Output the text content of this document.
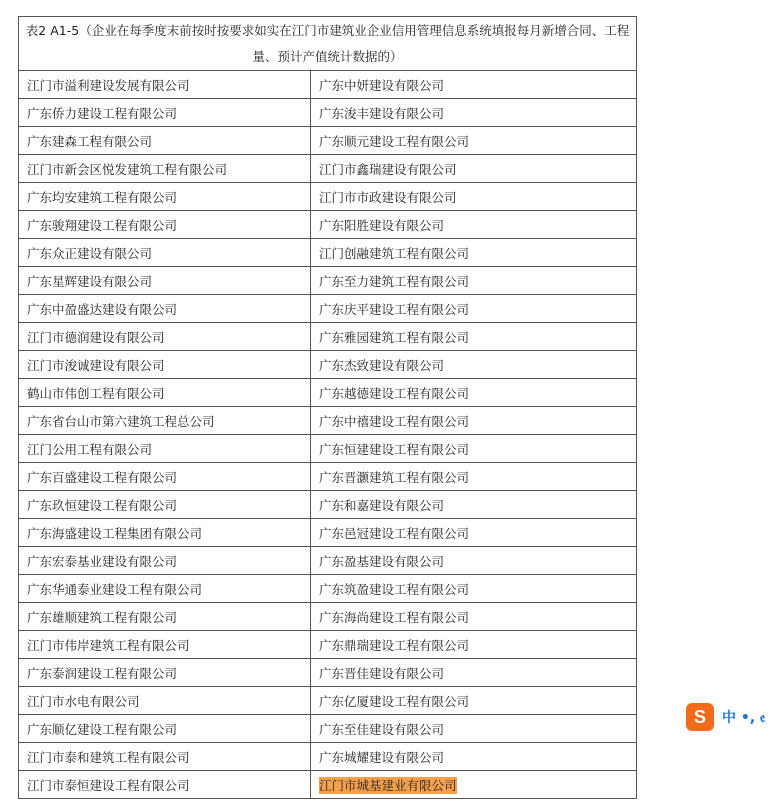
表2 A1-5（企业在每季度末前按时按要求如实在江门市建筑业企业信用管理信息系统填报每月新增合同、工程量、预计产值统计数据的）	
江门市溢利建设发展有限公司	广东中妍建设有限公司
广东侨力建设工程有限公司	广东浚丰建设有限公司
广东建森工程有限公司	广东顺元建设工程有限公司
江门市新会区悦发建筑工程有限公司	江门市鑫瑞建设有限公司
广东均安建筑工程有限公司	江门市市政建设有限公司
广东骏翔建设工程有限公司	广东阳胜建设有限公司
广东众正建设有限公司	江门创融建筑工程有限公司
广东星辉建设有限公司	广东至力建筑工程有限公司
广东中盈盛达建设有限公司	广东庆平建设工程有限公司
江门市德润建设有限公司	广东雅园建筑工程有限公司
江门市浚诚建设有限公司	广东杰致建设有限公司
鹤山市伟创工程有限公司	广东越德建设工程有限公司
广东省台山市第六建筑工程总公司	广东中禧建设工程有限公司
江门公用工程有限公司	广东恒建建设工程有限公司
广东百盛建设工程有限公司	广东晋灏建筑工程有限公司
广东玖恒建设工程有限公司	广东和嘉建设有限公司
广东海盛建设工程集团有限公司	广东邑冠建设工程有限公司
广东宏泰基业建设有限公司	广东盈基建设有限公司
广东华通泰业建设工程有限公司	广东筑盈建设工程有限公司
广东雄顺建筑工程有限公司	广东海尚建设工程有限公司
江门市伟岸建筑工程有限公司	广东鼎瑞建设工程有限公司
广东泰润建设工程有限公司	广东晋佳建设有限公司
江门市水电有限公司	广东亿厦建设工程有限公司
广东顺亿建设工程有限公司	广东至佳建设有限公司
江门市泰和建筑工程有限公司	广东城耀建设有限公司
江门市泰恒建设工程有限公司	江门市城基建业有限公司
S	中 •, 𝔢
